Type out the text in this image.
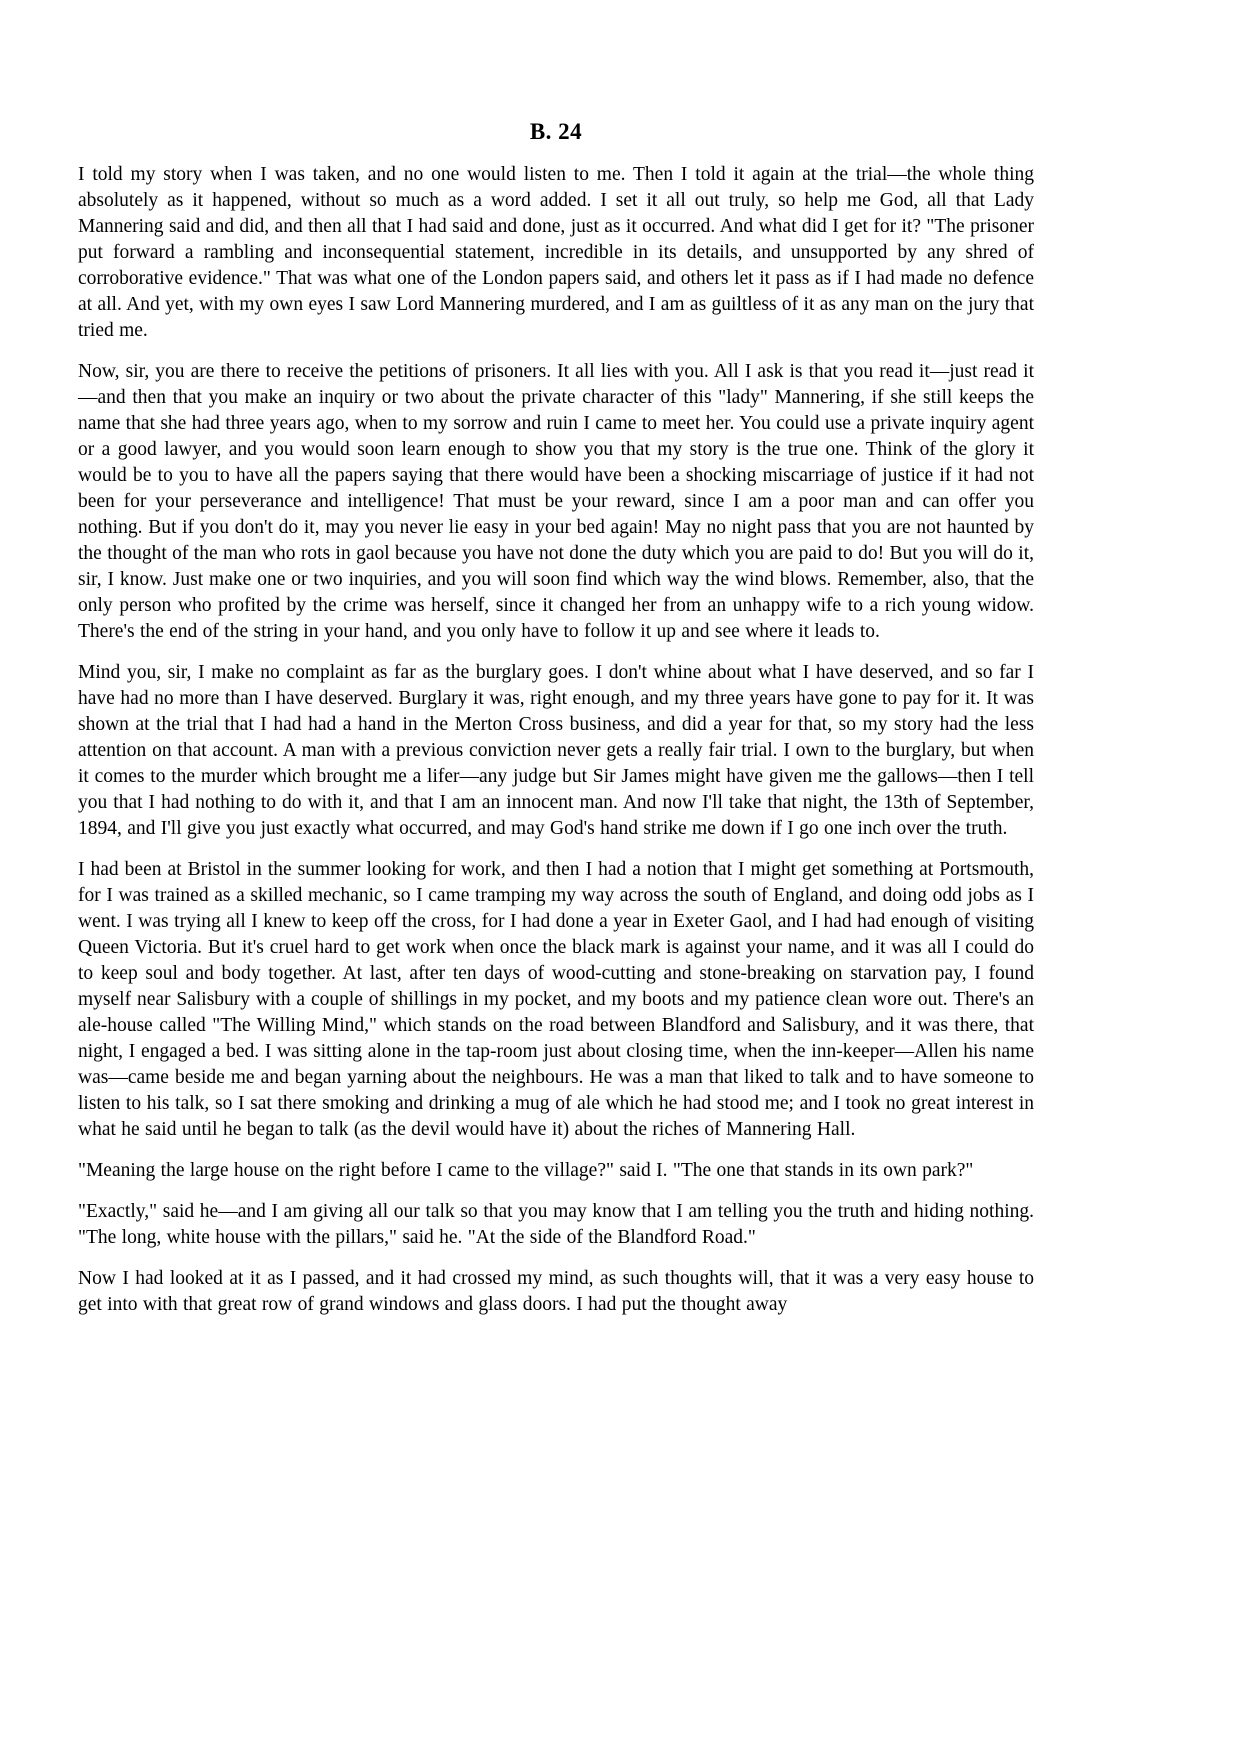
B. 24

I told my story when I was taken, and no one would listen to me. Then I told it again at the trial—the whole thing absolutely as it happened, without so much as a word added. I set it all out truly, so help me God, all that Lady Mannering said and did, and then all that I had said and done, just as it occurred. And what did I get for it? "The prisoner put forward a rambling and inconsequential statement, incredible in its details, and unsupported by any shred of corroborative evidence." That was what one of the London papers said, and others let it pass as if I had made no defence at all. And yet, with my own eyes I saw Lord Mannering murdered, and I am as guiltless of it as any man on the jury that tried me.

Now, sir, you are there to receive the petitions of prisoners. It all lies with you. All I ask is that you read it—just read it—and then that you make an inquiry or two about the private character of this "lady" Mannering, if she still keeps the name that she had three years ago, when to my sorrow and ruin I came to meet her. You could use a private inquiry agent or a good lawyer, and you would soon learn enough to show you that my story is the true one. Think of the glory it would be to you to have all the papers saying that there would have been a shocking miscarriage of justice if it had not been for your perseverance and intelligence! That must be your reward, since I am a poor man and can offer you nothing. But if you don't do it, may you never lie easy in your bed again! May no night pass that you are not haunted by the thought of the man who rots in gaol because you have not done the duty which you are paid to do! But you will do it, sir, I know. Just make one or two inquiries, and you will soon find which way the wind blows. Remember, also, that the only person who profited by the crime was herself, since it changed her from an unhappy wife to a rich young widow. There's the end of the string in your hand, and you only have to follow it up and see where it leads to.

Mind you, sir, I make no complaint as far as the burglary goes. I don't whine about what I have deserved, and so far I have had no more than I have deserved. Burglary it was, right enough, and my three years have gone to pay for it. It was shown at the trial that I had had a hand in the Merton Cross business, and did a year for that, so my story had the less attention on that account. A man with a previous conviction never gets a really fair trial. I own to the burglary, but when it comes to the murder which brought me a lifer—any judge but Sir James might have given me the gallows—then I tell you that I had nothing to do with it, and that I am an innocent man. And now I'll take that night, the 13th of September, 1894, and I'll give you just exactly what occurred, and may God's hand strike me down if I go one inch over the truth.

I had been at Bristol in the summer looking for work, and then I had a notion that I might get something at Portsmouth, for I was trained as a skilled mechanic, so I came tramping my way across the south of England, and doing odd jobs as I went. I was trying all I knew to keep off the cross, for I had done a year in Exeter Gaol, and I had had enough of visiting Queen Victoria. But it's cruel hard to get work when once the black mark is against your name, and it was all I could do to keep soul and body together. At last, after ten days of wood-cutting and stone-breaking on starvation pay, I found myself near Salisbury with a couple of shillings in my pocket, and my boots and my patience clean wore out. There's an ale-house called "The Willing Mind," which stands on the road between Blandford and Salisbury, and it was there, that night, I engaged a bed. I was sitting alone in the tap-room just about closing time, when the inn-keeper—Allen his name was—came beside me and began yarning about the neighbours. He was a man that liked to talk and to have someone to listen to his talk, so I sat there smoking and drinking a mug of ale which he had stood me; and I took no great interest in what he said until he began to talk (as the devil would have it) about the riches of Mannering Hall.

"Meaning the large house on the right before I came to the village?" said I. "The one that stands in its own park?"

"Exactly," said he—and I am giving all our talk so that you may know that I am telling you the truth and hiding nothing. "The long, white house with the pillars," said he. "At the side of the Blandford Road."

Now I had looked at it as I passed, and it had crossed my mind, as such thoughts will, that it was a very easy house to get into with that great row of grand windows and glass doors. I had put the thought away
